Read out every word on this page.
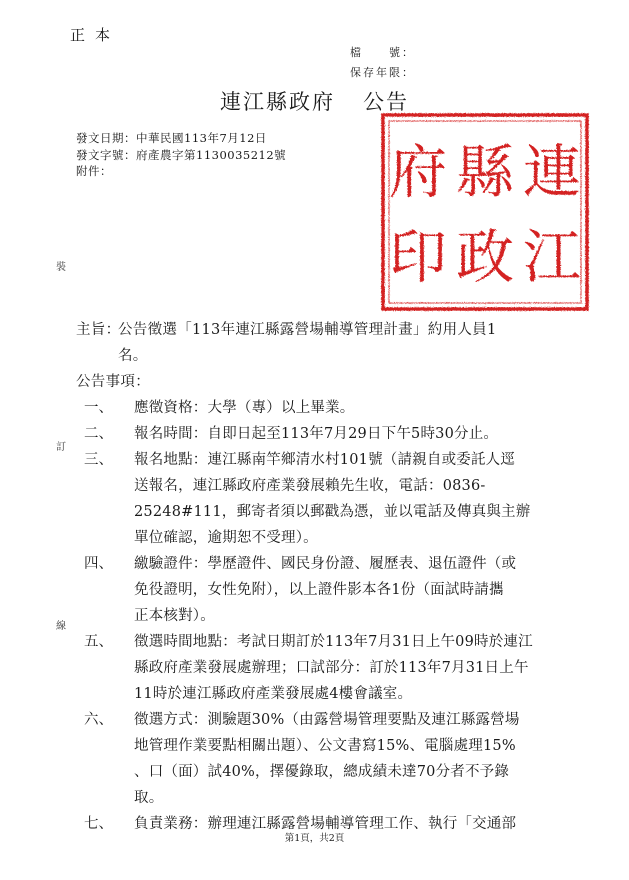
正本
檔　　號：
保存年限：
連江縣政府 公告
發文日期：中華民國113年7月12日
發文字號：府產農字第1130035212號
附件：	連
江
縣
政
府
印
裝
訂
線
主旨：
公告徵選「113年連江縣露營場輔導管理計畫」約用人員1
名。
公告事項：
一、 應徵資格：大學（專）以上畢業。
二、 報名時間：自即日起至113年7月29日下午5時30分止。
三、 報名地點：連江縣南竿鄉清水村101號（請親自或委託人逕
送報名，連江縣政府產業發展賴先生收，電話：0836-
25248#111，郵寄者須以郵戳為憑，並以電話及傳真與主辦
單位確認，逾期恕不受理）。
四、 繳驗證件：學歷證件、國民身份證、履歷表、退伍證件（或
免役證明，女性免附），以上證件影本各1份（面試時請攜
正本核對）。
五、 徵選時間地點：考試日期訂於113年7月31日上午09時於連江
縣政府產業發展處辦理；口試部分：訂於113年7月31日上午
11時於連江縣政府產業發展處4樓會議室。
六、 徵選方式：測驗題30%（由露營場管理要點及連江縣露營場
地管理作業要點相關出題）、公文書寫15%、電腦處理15%
、口（面）試40%，擇優錄取，總成績未達70分者不予錄
取。
七、 負責業務：辦理連江縣露營場輔導管理工作、執行「交通部
第1頁，共2頁
